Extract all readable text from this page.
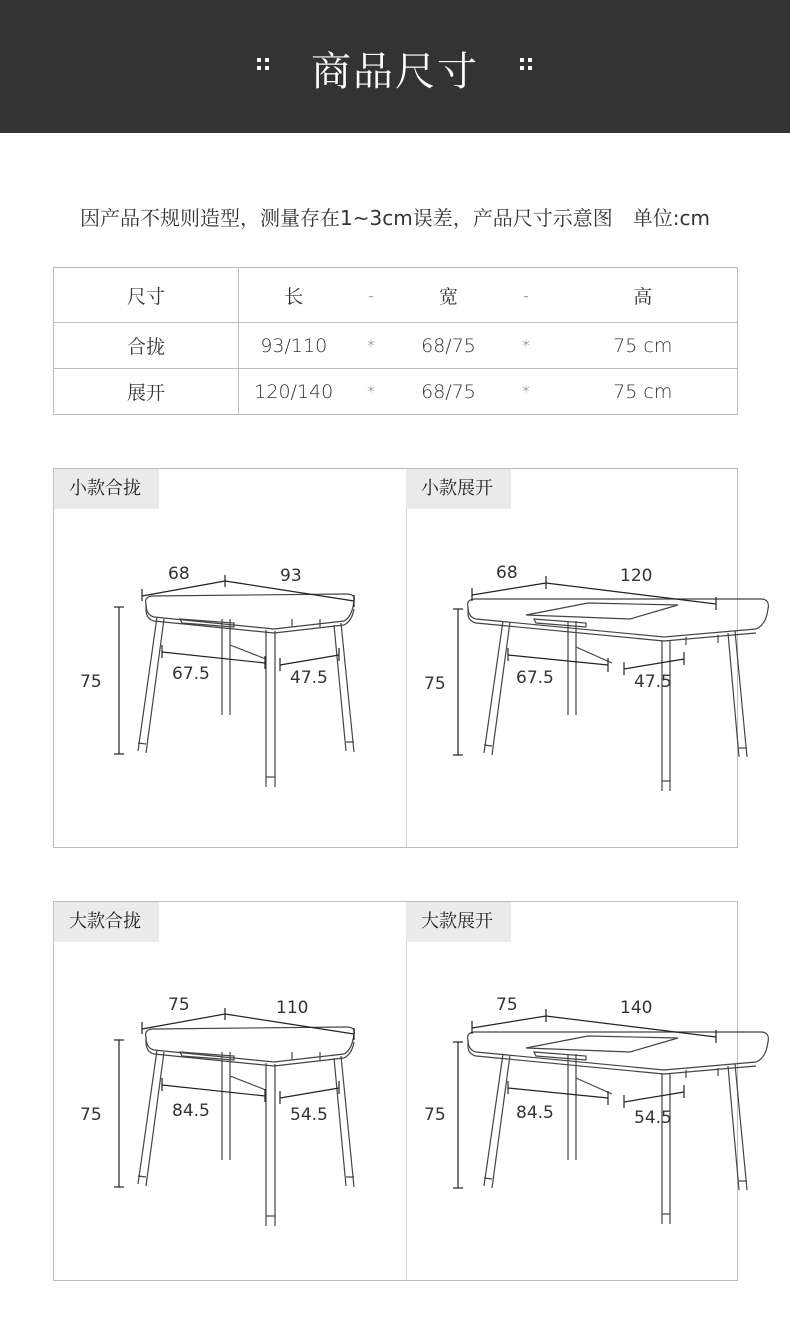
商品尺寸
因产品不规则造型，测量存在1~3cm误差，产品尺寸示意图　单位:cm
尺寸	长	-	宽	-	高
合拢	93/110	*	68/75	*	75 cm
展开	120/140	*	68/75	*	75 cm
小款合拢
68	93
75	67.5	47.5
小款展开
68	120
75	67.5	47.5
大款合拢
75	110
75	84.5	54.5
大款展开
75	140
75	84.5	54.5
